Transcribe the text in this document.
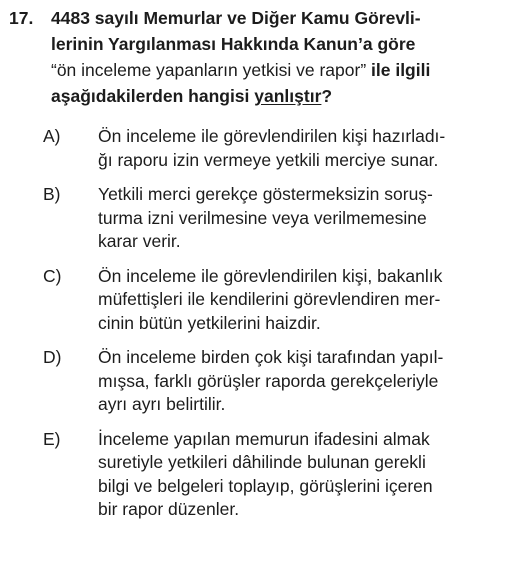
17.	4483 sayılı Memurlar ve Diğer Kamu Görevli-
lerinin Yargılanması Hakkında Kanun’a göre
“ön inceleme yapanların yetkisi ve rapor” ile ilgili
aşağıdakilerden hangisi yanlıştır?
A)	Ön inceleme ile görevlendirilen kişi hazırladı-
ğı raporu izin vermeye yetkili merciye sunar.
B)	Yetkili merci gerekçe göstermeksizin soruş-
turma izni verilmesine veya verilmemesine
karar verir.
C)	Ön inceleme ile görevlendirilen kişi, bakanlık
müfettişleri ile kendilerini görevlendiren mer-
cinin bütün yetkilerini haizdir.
D)	Ön inceleme birden çok kişi tarafından yapıl-
mışsa, farklı görüşler raporda gerekçeleriyle
ayrı ayrı belirtilir.
E)	İnceleme yapılan memurun ifadesini almak
suretiyle yetkileri dâhilinde bulunan gerekli
bilgi ve belgeleri toplayıp, görüşlerini içeren
bir rapor düzenler.
